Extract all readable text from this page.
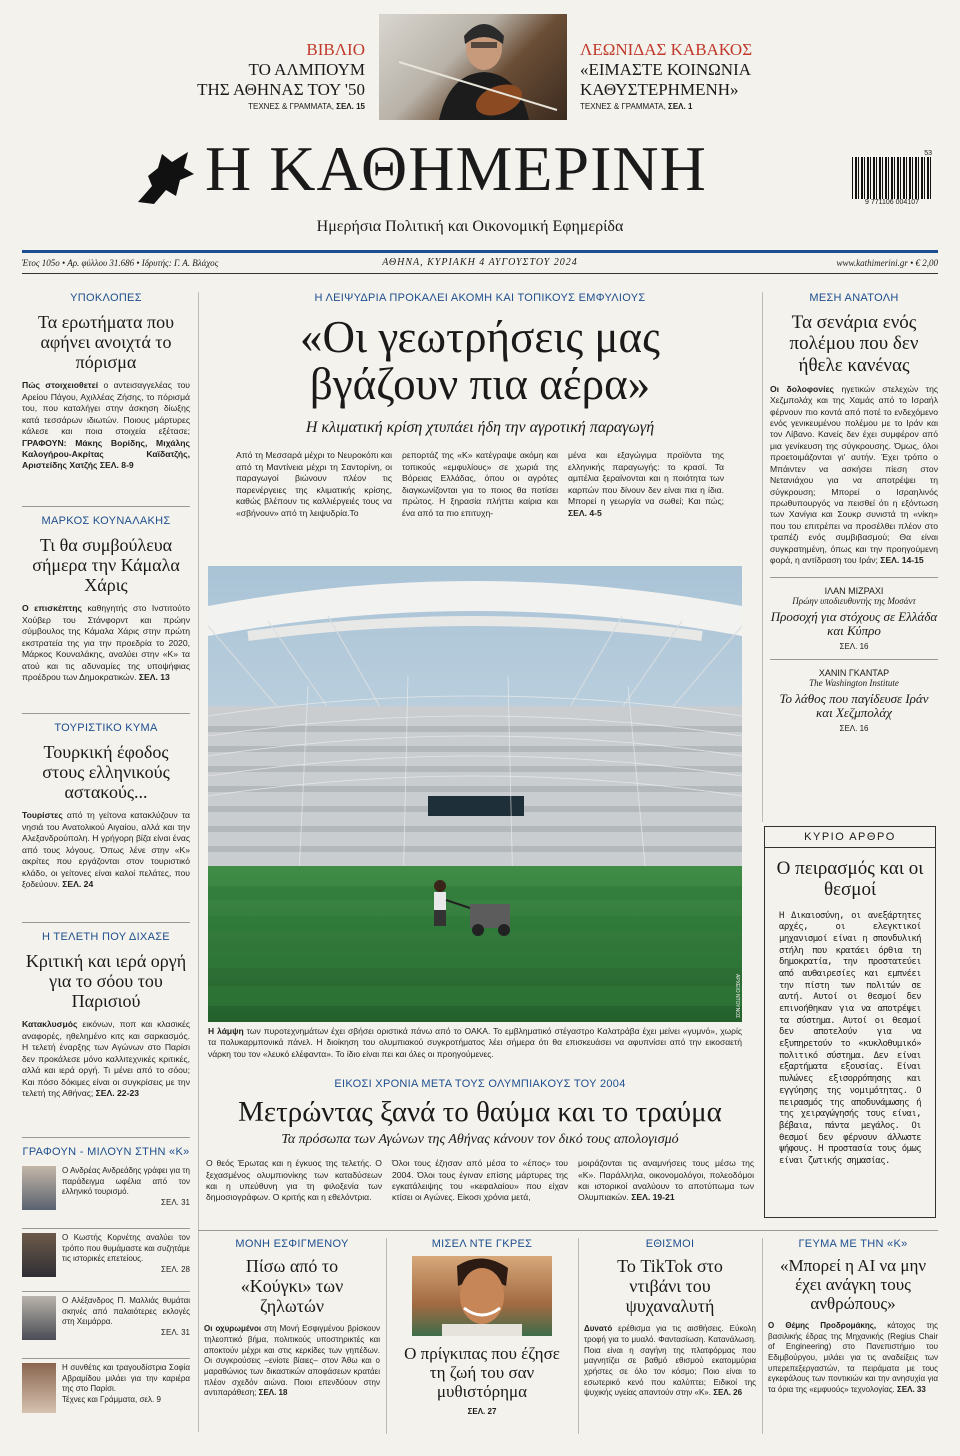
ΒΙΒΛΙΟ
ΤΟ ΑΛΜΠΟΥΜ
ΤΗΣ ΑΘΗΝΑΣ ΤΟΥ '50
ΤΕΧΝΕΣ & ΓΡΑΜΜΑΤΑ, ΣΕΛ. 15
ΛΕΩΝΙΔΑΣ ΚΑΒΑΚΟΣ
«ΕΙΜΑΣΤΕ ΚΟΙΝΩΝΙΑ
ΚΑΘΥΣΤΕΡΗΜΕΝΗ»
ΤΕΧΝΕΣ & ΓΡΑΜΜΑΤΑ, ΣΕΛ. 1
Η ΚΑΘΗΜΕΡΙΝΗ
Ημερήσια Πολιτική και Οικονομική Εφημερίδα
53
9 771106 004107
Έτος 105ο • Αρ. φύλλου 31.686 • Ιδρυτής: Γ. Α. Βλάχος	ΑΘΗΝΑ, ΚΥΡΙΑΚΗ 4 ΑΥΓΟΥΣΤΟΥ 2024	www.kathimerini.gr • € 2,00
ΥΠΟΚΛΟΠΕΣ
Τα ερωτήματα που αφήνει ανοιχτά το πόρισμα
Πώς στοιχειοθετεί ο αντεισαγγελέας του Αρείου Πάγου, Αχιλλέας Ζήσης, το πόρισμά του, που καταλήγει στην άσκηση δίωξης κατά τεσσάρων ιδιωτών. Ποιους μάρτυρες κάλεσε και ποια στοιχεία εξέτασε; ΓΡΑΦΟΥΝ: Μάκης Βορίδης, Μιχάλης Καλογήρου-Ακρίτας Καϊδατζής, Αριστείδης Χατζής ΣΕΛ. 8-9
ΜΑΡΚΟΣ ΚΟΥΝΑΛΑΚΗΣ
Τι θα συμβούλευα σήμερα την Κάμαλα Χάρις
Ο επισκέπτης καθηγητής στο Ινστιτούτο Χούβερ του Στάνφορντ και πρώην σύμβουλος της Κάμαλα Χάρις στην πρώτη εκστρατεία της για την προεδρία το 2020, Μάρκος Κουναλάκης, αναλύει στην «Κ» τα ατού και τις αδυναμίες της υποψήφιας προέδρου των Δημοκρατικών. ΣΕΛ. 13
ΤΟΥΡΙΣΤΙΚΟ ΚΥΜΑ
Τουρκική έφοδος στους ελληνικούς αστακούς...
Τουρίστες από τη γείτονα κατακλύζουν τα νησιά του Ανατολικού Αιγαίου, αλλά και την Αλεξανδρούπολη. Η γρήγορη βίζα είναι ένας από τους λόγους. Όπως λένε στην «Κ» ακρίτες που εργάζονται στον τουριστικό κλάδο, οι γείτονες είναι καλοί πελάτες, που ξοδεύουν. ΣΕΛ. 24
Η ΤΕΛΕΤΗ ΠΟΥ ΔΙΧΑΣΕ
Κριτική και ιερά οργή για το σόου του Παρισιού
Κατακλυσμός εικόνων, ποπ και κλασικές αναφορές, ηθελημένο κιτς και σαρκασμός. Η τελετή έναρξης των Αγώνων στο Παρίσι δεν προκάλεσε μόνο καλλιτεχνικές κριτικές, αλλά και ιερά οργή. Τι μένει από το σόου; Και πόσο δόκιμες είναι οι συγκρίσεις με την τελετή της Αθήνας; ΣΕΛ. 22-23
ΓΡΑΦΟΥΝ - ΜΙΛΟΥΝ ΣΤΗΝ «Κ»
Ο Ανδρέας Ανδρεάδης γράφει για τη παράδειγμα ωφέλια από τον ελληνικό τουρισμό.
ΣΕΛ. 31
Ο Κωστής Κορνέτης αναλύει τον τρόπο που θυμάμαστε και συζητάμε τις ιστορικές επετείους.
ΣΕΛ. 28
Ο Αλέξανδρος Π. Μαλλιάς θυμάται σκηνές από παλαιότερες εκλογές στη Χειμάρρα.
ΣΕΛ. 31
Η συνθέτις και τραγουδίστρια Σοφία Αβραμίδου μιλάει για την καριέρα της στο Παρίσι.
Τέχνες και Γράμματα, σελ. 9
Η ΛΕΙΨΥΔΡΙΑ ΠΡΟΚΑΛΕΙ ΑΚΟΜΗ ΚΑΙ ΤΟΠΙΚΟΥΣ ΕΜΦΥΛΙΟΥΣ
«Οι γεωτρήσεις μας
βγάζουν πια αέρα»
Η κλιματική κρίση χτυπάει ήδη την αγροτική παραγωγή
Από τη Μεσσαρά μέχρι το Νευροκόπι και από τη Μαντίνεια μέχρι τη Σαντορίνη, οι παραγωγοί βιώνουν πλέον τις παρενέργειες της κλιματικής κρίσης, καθώς βλέπουν τις καλλιέργειές τους να «σβήνουν» από τη λειψυδρία.Το
ρεπορτάζ της «Κ» κατέγραψε ακόμη και τοπικούς «εμφυλίους» σε χωριά της Βόρειας Ελλάδας, όπου οι αγρότες διαγκωνίζονται για το ποιος θα ποτίσει πρώτος. Η ξηρασία πλήττει καίρια και ένα από τα πιο επιτυχη-
μένα και εξαγώγιμα προϊόντα της ελληνικής παραγωγής: το κρασί. Τα αμπέλια ξεραίνονται και η ποιότητα των καρπών που δίνουν δεν είναι πια η ίδια. Μπορεί η γεωργία να σωθεί; Και πώς; ΣΕΛ. 4-5
ΑΡΧΕΙΟ ΝΤΟΥΝΟΣ
Η λάμψη των πυροτεχνημάτων έχει σβήσει οριστικά πάνω από το ΟΑΚΑ. Το εμβληματικό στέγαστρο Καλατράβα έχει μείνει «γυμνό», χωρίς τα πολυκαρμπονικά πάνελ. Η διοίκηση του ολυμπιακού συγκροτήματος λέει σήμερα ότι θα επισκευάσει να αφυπνίσει από την εικοσαετή νάρκη του τον «λευκό ελέφαντα». Το ίδιο είναι πει και όλες οι προηγούμενες.
ΕΙΚΟΣΙ ΧΡΟΝΙΑ ΜΕΤΑ ΤΟΥΣ ΟΛΥΜΠΙΑΚΟΥΣ ΤΟΥ 2004
Μετρώντας ξανά το θαύμα και το τραύμα
Τα πρόσωπα των Αγώνων της Αθήνας κάνουν τον δικό τους απολογισμό
Ο θεός Έρωτας και η έγκυος της τελετής. Ο ξεχασμένος ολυμπιονίκης των καταδύσεων και η υπεύθυνη για τη φιλοξενία των δημοσιογράφων. Ο κριτής και η εθελόντρια.
Όλοι τους έζησαν από μέσα το «έπος» του 2004. Όλοι τους έγιναν επίσης μάρτυρες της εγκατάλειψης του «κεφαλαίου» που είχαν κτίσει οι Αγώνες. Είκοσι χρόνια μετά,
μοιράζονται τις αναμνήσεις τους μέσω της «Κ». Παράλληλα, οικονομολόγοι, πολεοδόμοι και ιστορικοί αναλύουν το αποτύπωμα των Ολυμπιακών. ΣΕΛ. 19-21
ΜΕΣΗ ΑΝΑΤΟΛΗ
Τα σενάρια ενός πολέμου που δεν ήθελε κανένας
Οι δολοφονίες ηγετικών στελεχών της Χεζμπολάχ και της Χαμάς από το Ισραήλ φέρνουν πιο κοντά από ποτέ το ενδεχόμενο ενός γενικευμένου πολέμου με το Ιράν και τον Λίβανο. Κανείς δεν έχει συμφέρον από μια γενίκευση της σύγκρουσης. Όμως, όλοι προετοιμάζονται γι' αυτήν. Έχει τρόπο ο Μπάιντεν να ασκήσει πίεση στον Νετανιάχου για να αποτρέψει τη σύγκρουση; Μπορεί ο Ισραηλινός πρωθυπουργός να πεισθεί ότι η εξόντωση των Χανίγια και Σουκρ συνιστά τη «νίκη» που του επιτρέπει να προσέλθει πλέον στο τραπέζι ενός συμβιβασμού; Θα είναι συγκρατημένη, όπως και την προηγούμενη φορά, η αντίδραση του Ιράν; ΣΕΛ. 14-15
ΙΛΑΝ ΜΙΖΡΑΧΙ
Πρώην υποδιευθυντής της Μοσάντ
Προσοχή για στόχους σε Ελλάδα και Κύπρο
ΣΕΛ. 16
ΧΑΝΙΝ ΓΚΑΝΤΑΡ
The Washington Institute
Το λάθος που παγίδευσε Ιράν και Χεζμπολάχ
ΣΕΛ. 16
ΚΥΡΙΟ ΑΡΘΡΟ
Ο πειρασμός και οι θεσμοί
Η Δικαιοσύνη, οι ανεξάρτητες αρχές, οι ελεγκτικοί μηχανισμοί είναι η σπονδυλική στήλη που κρατάει όρθια τη δημοκρατία, την προστατεύει από αυθαιρεσίες και εμπνέει την πίστη των πολιτών σε αυτή. Αυτοί οι θεσμοί δεν επινοήθηκαν για να αποτρέψει τα σύστημα. Αυτοί οι θεσμοί δεν αποτελούν για να εξυπηρετούν το «κυκλοθυμικό» πολιτικό σύστημα. Δεν είναι εξαρτήματα εξουσίας. Είναι πυλώνες εξισορρόπησης και εγγύησης της νομιμότητας. Ο πειρασμός της αποδυνάμωσης ή της χειραγώγησής τους είναι, βέβαια, πάντα μεγάλος. Οι θεσμοί δεν φέρνουν άλλωστε ψήφους. Η προστασία τους όμως είναι ζωτικής σημασίας.
ΜΟΝΗ ΕΣΦΙΓΜΕΝΟΥ
Πίσω από το «Κούγκι» των ζηλωτών
Οι οχυρωμένοι στη Μονή Εσφιγμένου βρίσκουν τηλεοπτικό βήμα, πολιτικούς υποστηρικτές και αποκτούν μέχρι και στις κερκίδες των γηπέδων. Οι συγκρούσεις –ενίοτε βίαιες– στον Άθω και ο μαραθώνιος των δικαστικών αποφάσεων κρατάει πλέον σχεδόν αιώνα. Ποιοι επενδύουν στην αντιπαράθεση; ΣΕΛ. 18
ΜΙΣΕΛ ΝΤΕ ΓΚΡΕΣ
Ο πρίγκιπας που έζησε τη ζωή του σαν μυθιστόρημα
ΣΕΛ. 27
ΕΘΙΣΜΟΙ
Το TikTok στο ντιβάνι του ψυχαναλυτή
Δυνατό ερέθισμα για τις αισθήσεις. Εύκολη τροφή για το μυαλό. Φαντασίωση. Κατανάλωση. Ποια είναι η σαγήνη της πλατφόρμας που μαγνητίζει σε βαθμό εθισμού εκατομμύρια χρήστες σε όλο τον κόσμο; Ποιο είναι το εσωτερικό κενό που καλύπτει; Ειδικοί της ψυχικής υγείας απαντούν στην «Κ». ΣΕΛ. 26
ΓΕΥΜΑ ΜΕ ΤΗΝ «Κ»
«Μπορεί η ΑΙ να μην έχει ανάγκη τους ανθρώπους»
Ο Θέμης Προδρομάκης, κάτοχος της βασιλικής έδρας της Μηχανικής (Regius Chair of Engineering) στο Πανεπιστήμιο του Εδιμβούργου, μιλάει για τις αναδείξεις των υπερεπεξεργαστών, τα πειράματα με τους εγκεφάλους των ποντικιών και την ανησυχία για τα όρια της «εμφυούς» τεχνολογίας. ΣΕΛ. 33
